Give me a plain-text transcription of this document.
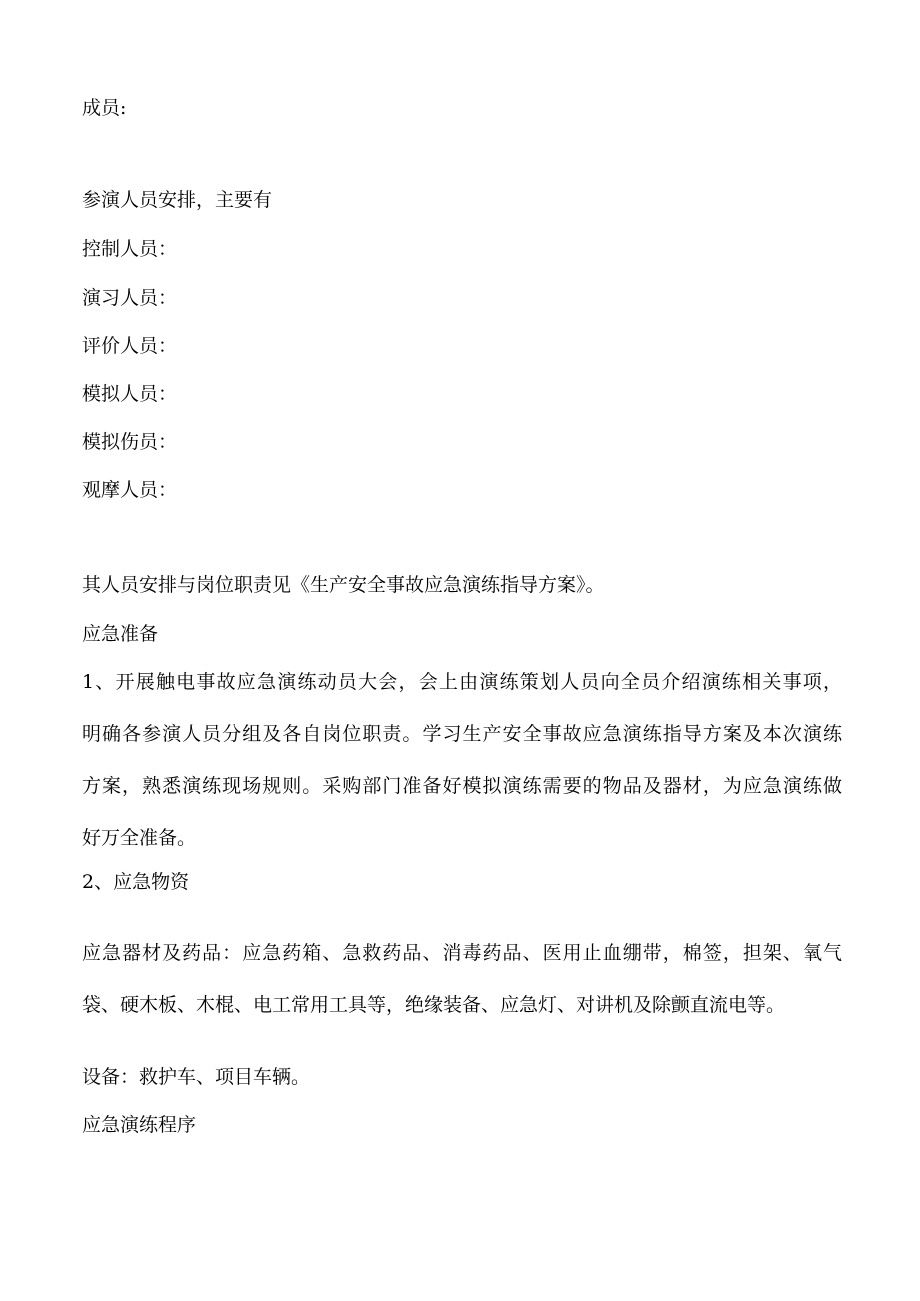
成员:

参演人员安排，主要有

控制人员：

演习人员：

评价人员：

模拟人员：

模拟伤员：

观摩人员：

其人员安排与岗位职责见《生产安全事故应急演练指导方案》。

应急准备

1、开展触电事故应急演练动员大会，会上由演练策划人员向全员介绍演练相关事项，
明确各参演人员分组及各自岗位职责。学习生产安全事故应急演练指导方案及本次演练
方案，熟悉演练现场规则。采购部门准备好模拟演练需要的物品及器材，为应急演练做
好万全准备。

2、应急物资

应急器材及药品：应急药箱、急救药品、消毒药品、医用止血绷带，棉签，担架、氧气
袋、硬木板、木棍、电工常用工具等，绝缘装备、应急灯、对讲机及除颤直流电等。

设备：救护车、项目车辆。

应急演练程序
